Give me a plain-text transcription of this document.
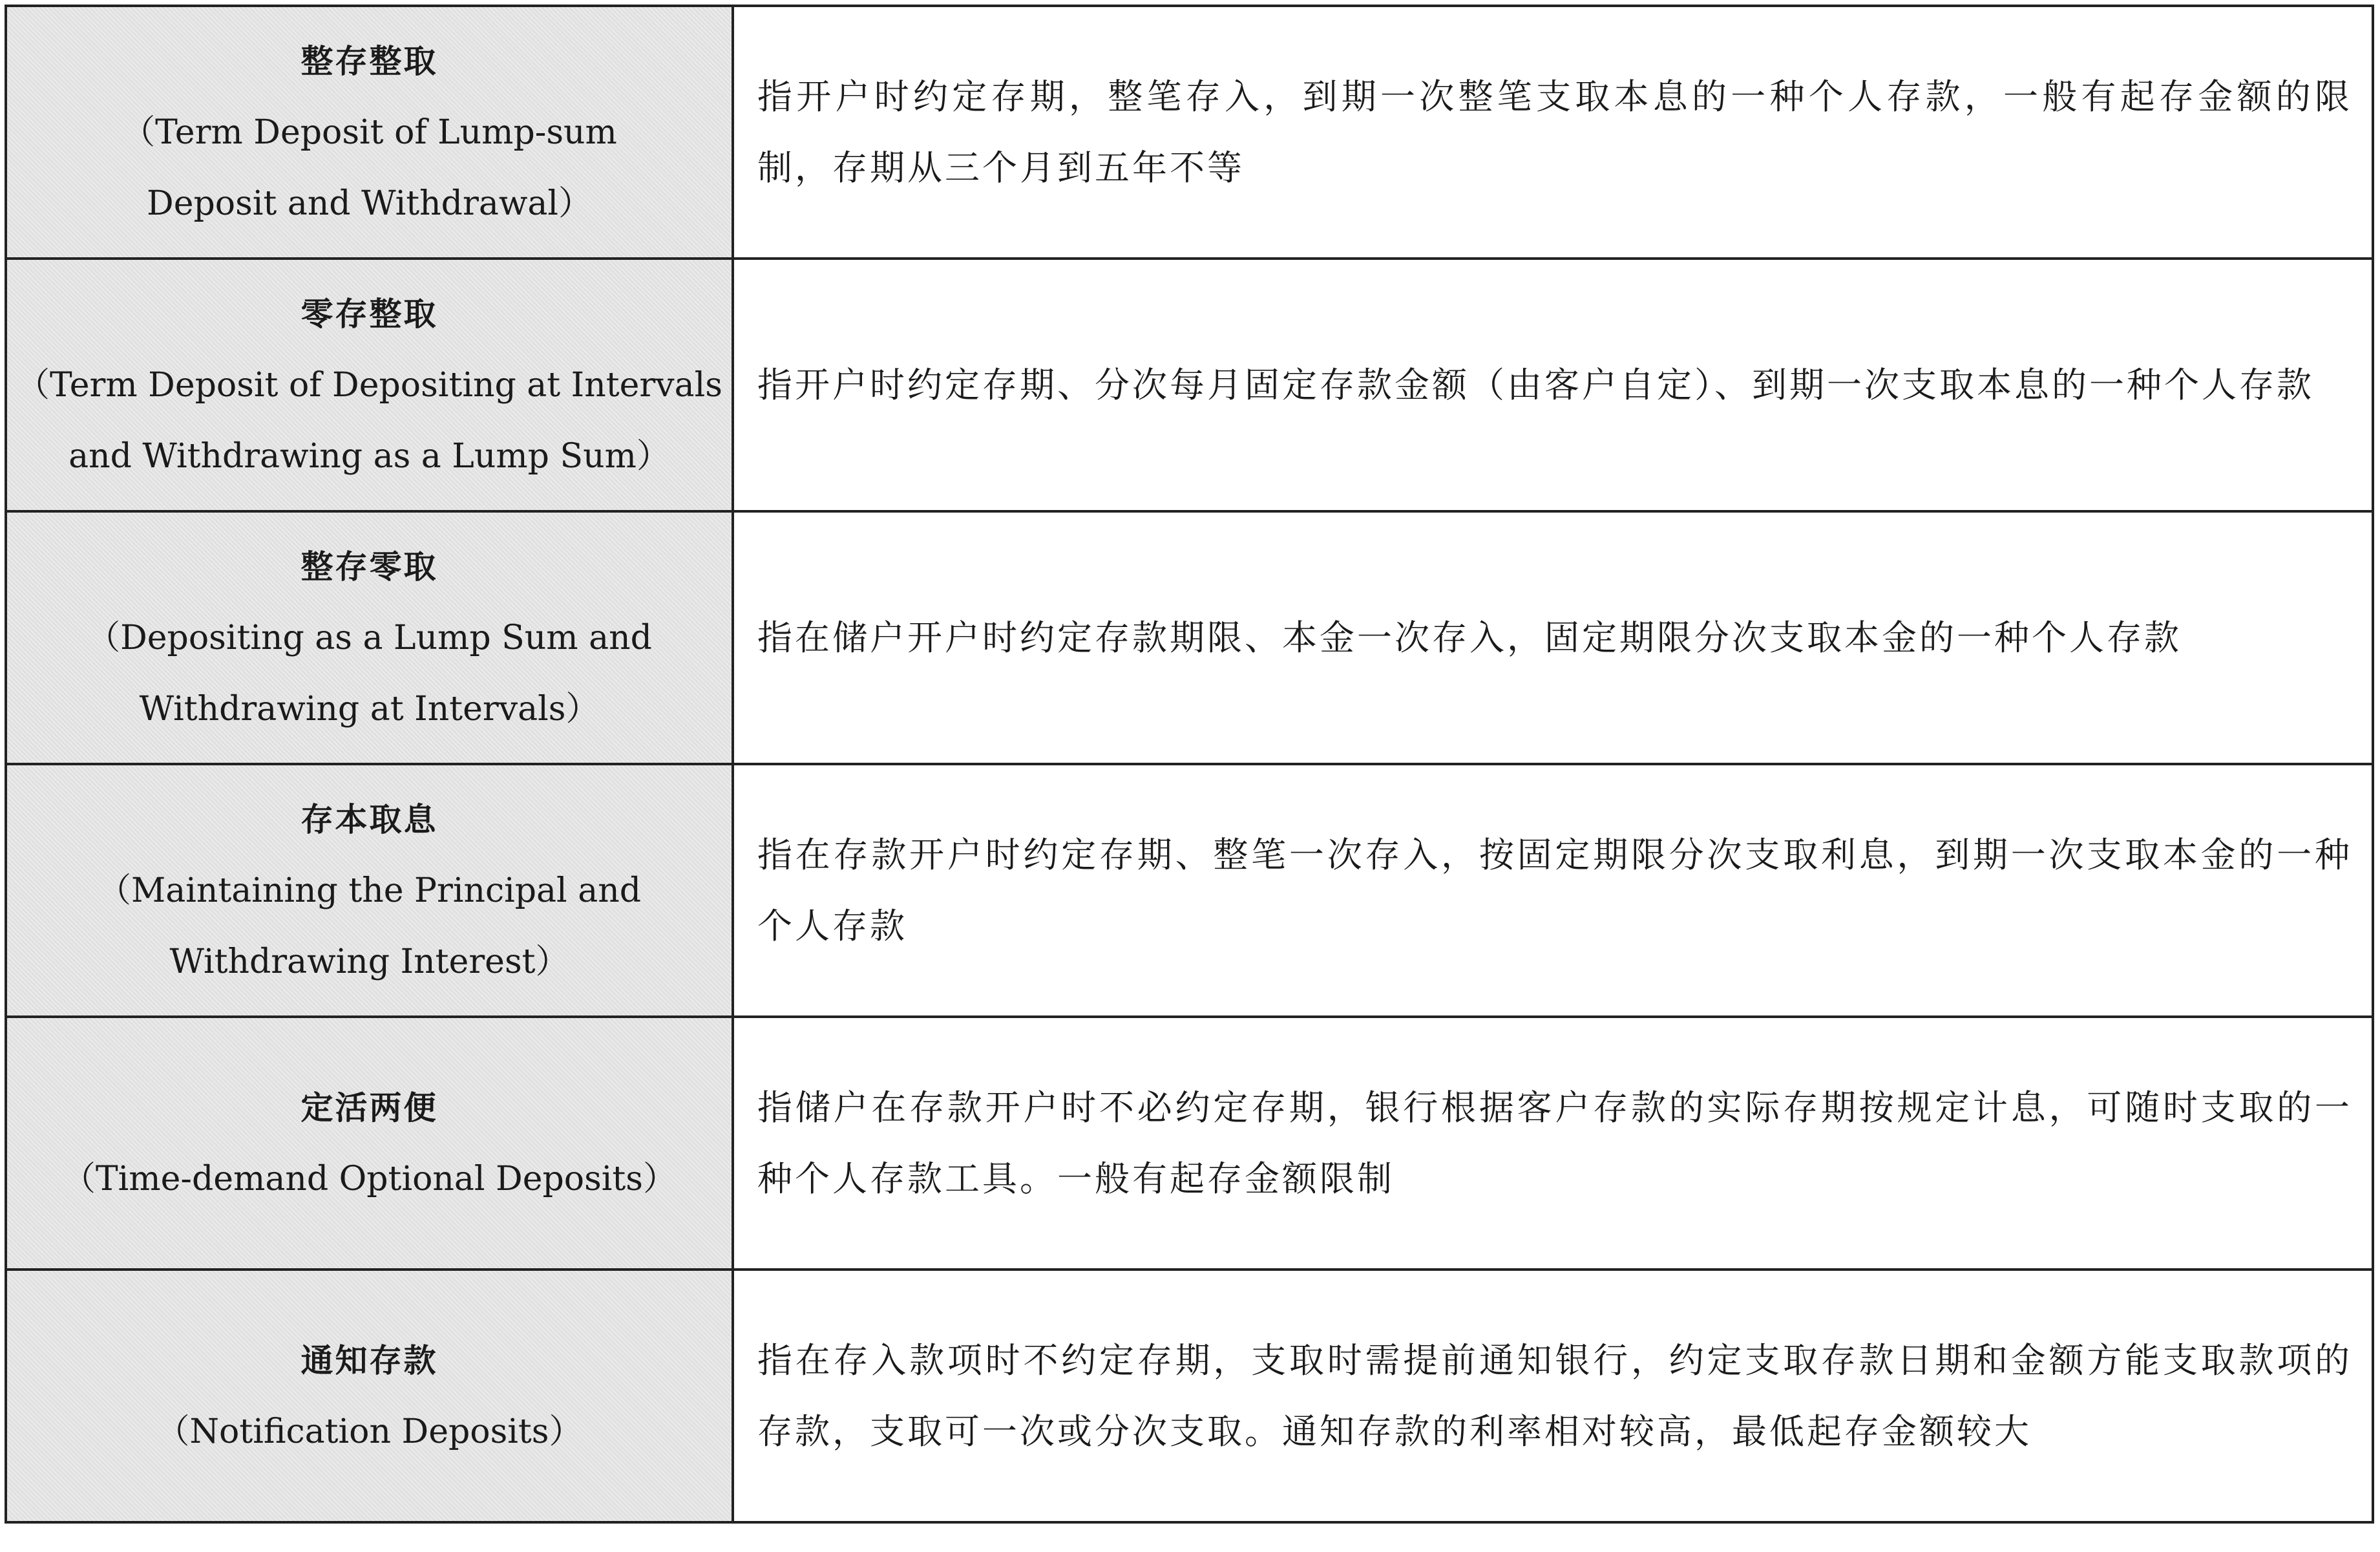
整存整取
（Term Deposit of Lump-sum
Deposit and Withdrawal）	指开户时约定存期，整笔存入，到期一次整笔支取本息的一种个人存款，一般有起存金额的限制，存期从三个月到五年不等

零存整取
（Term Deposit of Depositing at Intervals
and Withdrawing as a Lump Sum）	指开户时约定存期、分次每月固定存款金额（由客户自定）、到期一次支取本息的一种个人存款

整存零取
（Depositing as a Lump Sum and
Withdrawing at Intervals）	指在储户开户时约定存款期限、本金一次存入，固定期限分次支取本金的一种个人存款

存本取息
（Maintaining the Principal and
Withdrawing Interest）	指在存款开户时约定存期、整笔一次存入，按固定期限分次支取利息，到期一次支取本金的一种个人存款

定活两便
（Time-demand Optional Deposits）	指储户在存款开户时不必约定存期，银行根据客户存款的实际存期按规定计息，可随时支取的一种个人存款工具。一般有起存金额限制

通知存款
（Notification Deposits）	指在存入款项时不约定存期，支取时需提前通知银行，约定支取存款日期和金额方能支取款项的存款，支取可一次或分次支取。通知存款的利率相对较高，最低起存金额较大
